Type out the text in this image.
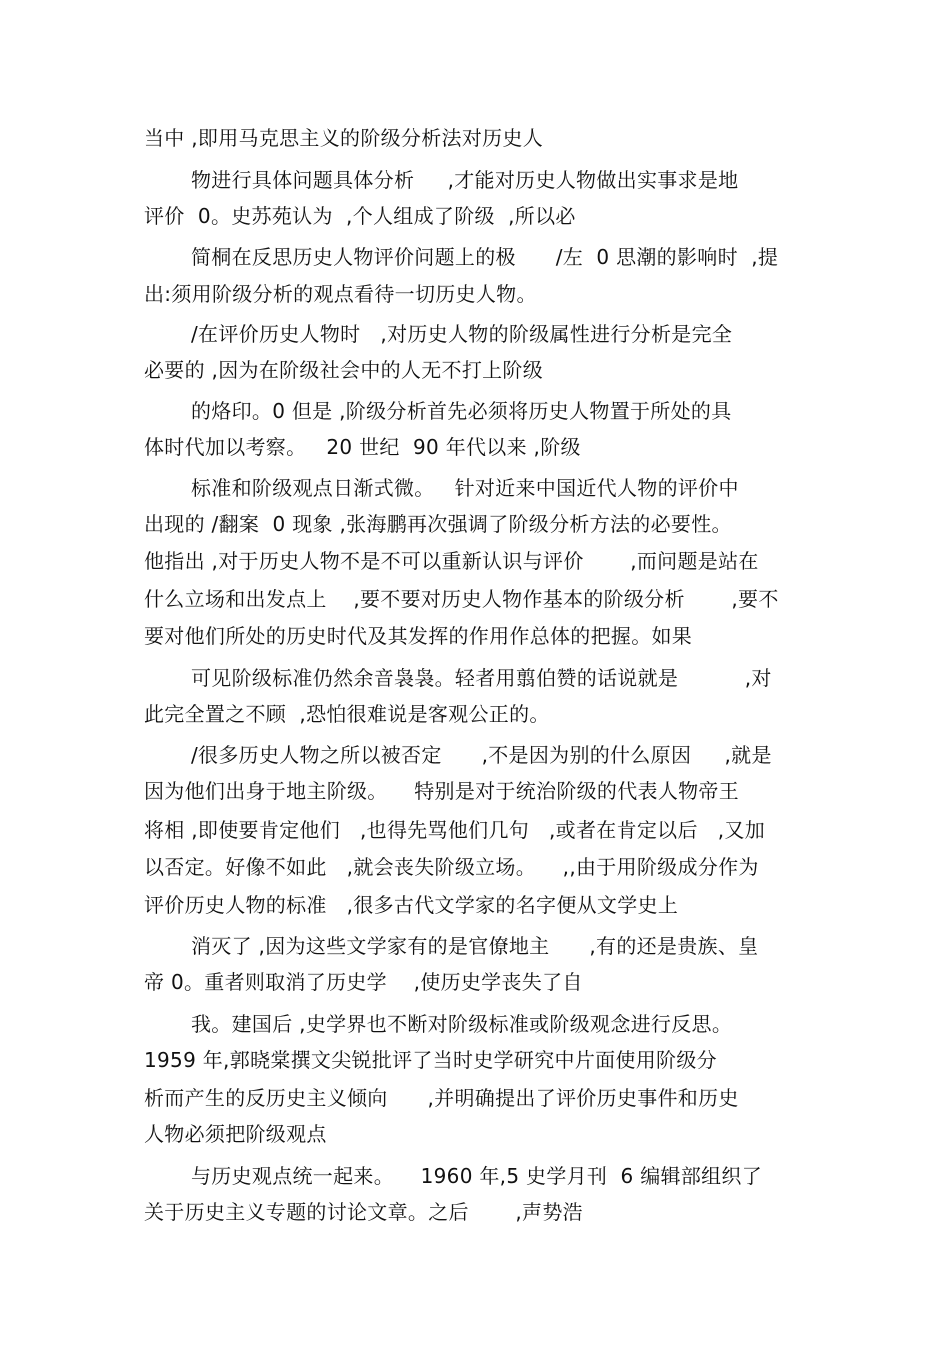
当中 ,即用马克思主义的阶级分析法对历史人
物进行具体问题具体分析     ,才能对历史人物做出实事求是地
评价  0。史苏苑认为  ,个人组成了阶级  ,所以必
简桐在反思历史人物评价问题上的极      /左  0 思潮的影响时  ,提
出:须用阶级分析的观点看待一切历史人物。
/在评价历史人物时   ,对历史人物的阶级属性进行分析是完全
必要的 ,因为在阶级社会中的人无不打上阶级
的烙印。0 但是 ,阶级分析首先必须将历史人物置于所处的具
体时代加以考察。   20 世纪  90 年代以来 ,阶级
标准和阶级观点日渐式微。   针对近来中国近代人物的评价中
出现的 /翻案  0 现象 ,张海鹏再次强调了阶级分析方法的必要性。
他指出 ,对于历史人物不是不可以重新认识与评价       ,而问题是站在
什么立场和出发点上    ,要不要对历史人物作基本的阶级分析       ,要不
要对他们所处的历史时代及其发挥的作用作总体的把握。如果
可见阶级标准仍然余音袅袅。轻者用翦伯赞的话说就是          ,对
此完全置之不顾  ,恐怕很难说是客观公正的。
/很多历史人物之所以被否定      ,不是因为别的什么原因     ,就是
因为他们出身于地主阶级。    特别是对于统治阶级的代表人物帝王
将相 ,即使要肯定他们   ,也得先骂他们几句   ,或者在肯定以后   ,又加
以否定。好像不如此   ,就会丧失阶级立场。    ,,由于用阶级成分作为
评价历史人物的标准   ,很多古代文学家的名字便从文学史上
消灭了 ,因为这些文学家有的是官僚地主      ,有的还是贵族、皇
帝 0。重者则取消了历史学    ,使历史学丧失了自
我。建国后 ,史学界也不断对阶级标准或阶级观念进行反思。
1959 年,郭晓棠撰文尖锐批评了当时史学研究中片面使用阶级分
析而产生的反历史主义倾向      ,并明确提出了评价历史事件和历史
人物必须把阶级观点
与历史观点统一起来。    1960 年,5 史学月刊  6 编辑部组织了
关于历史主义专题的讨论文章。之后       ,声势浩
